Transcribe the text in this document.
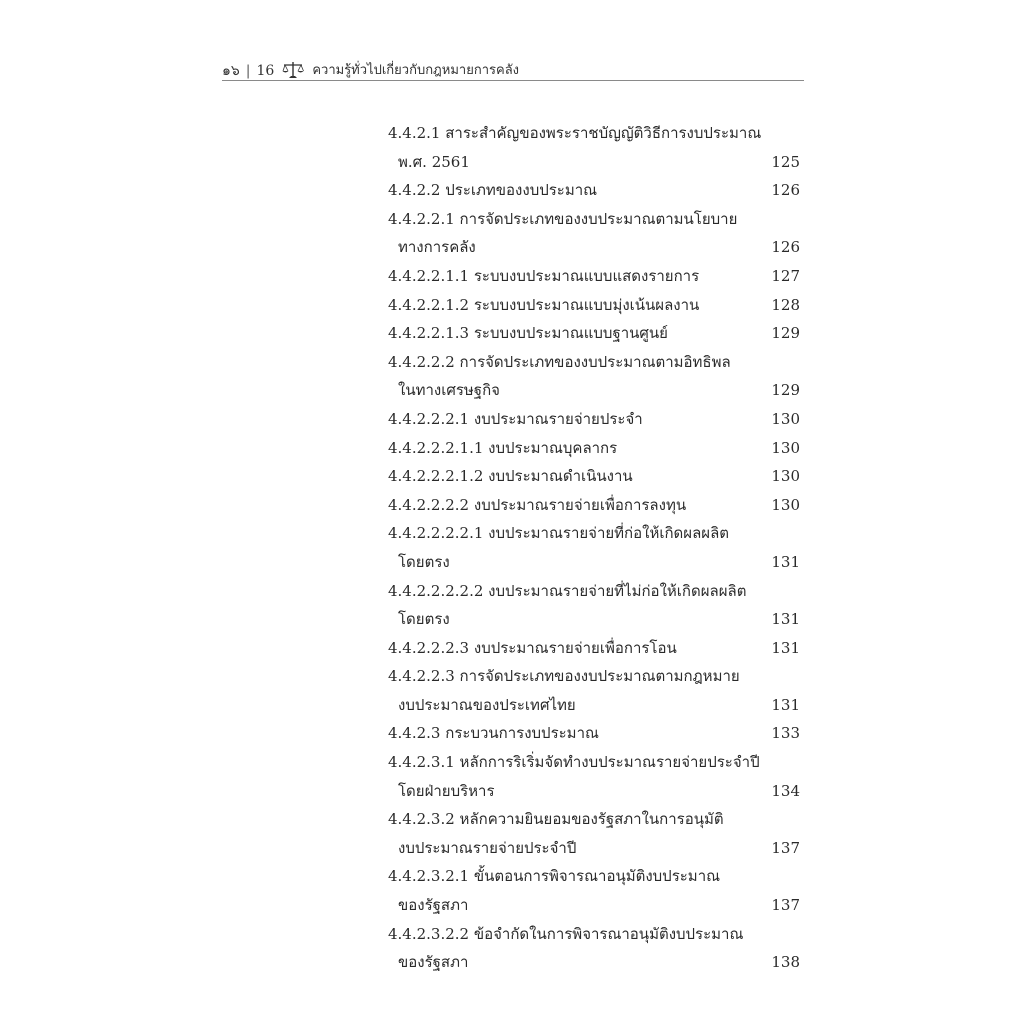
๑๖ | 16	ความรู้ทั่วไปเกี่ยวกับกฎหมายการคลัง
4.4.2.1 สาระสำคัญของพระราชบัญญัติวิธีการงบประมาณ
พ.ศ. 2561	125
4.4.2.2 ประเภทของงบประมาณ	126
4.4.2.2.1 การจัดประเภทของงบประมาณตามนโยบาย
ทางการคลัง	126
4.4.2.2.1.1 ระบบงบประมาณแบบแสดงรายการ	127
4.4.2.2.1.2 ระบบงบประมาณแบบมุ่งเน้นผลงาน	128
4.4.2.2.1.3 ระบบงบประมาณแบบฐานศูนย์	129
4.4.2.2.2 การจัดประเภทของงบประมาณตามอิทธิพล
ในทางเศรษฐกิจ	129
4.4.2.2.2.1 งบประมาณรายจ่ายประจำ	130
4.4.2.2.2.1.1 งบประมาณบุคลากร	130
4.4.2.2.2.1.2 งบประมาณดำเนินงาน	130
4.4.2.2.2.2 งบประมาณรายจ่ายเพื่อการลงทุน	130
4.4.2.2.2.2.1 งบประมาณรายจ่ายที่ก่อให้เกิดผลผลิต
โดยตรง	131
4.4.2.2.2.2.2 งบประมาณรายจ่ายที่ไม่ก่อให้เกิดผลผลิต
โดยตรง	131
4.4.2.2.2.3 งบประมาณรายจ่ายเพื่อการโอน	131
4.4.2.2.3 การจัดประเภทของงบประมาณตามกฎหมาย
งบประมาณของประเทศไทย	131
4.4.2.3 กระบวนการงบประมาณ	133
4.4.2.3.1 หลักการริเริ่มจัดทำงบประมาณรายจ่ายประจำปี
โดยฝ่ายบริหาร	134
4.4.2.3.2 หลักความยินยอมของรัฐสภาในการอนุมัติ
งบประมาณรายจ่ายประจำปี	137
4.4.2.3.2.1 ขั้นตอนการพิจารณาอนุมัติงบประมาณ
ของรัฐสภา	137
4.4.2.3.2.2 ข้อจำกัดในการพิจารณาอนุมัติงบประมาณ
ของรัฐสภา	138
